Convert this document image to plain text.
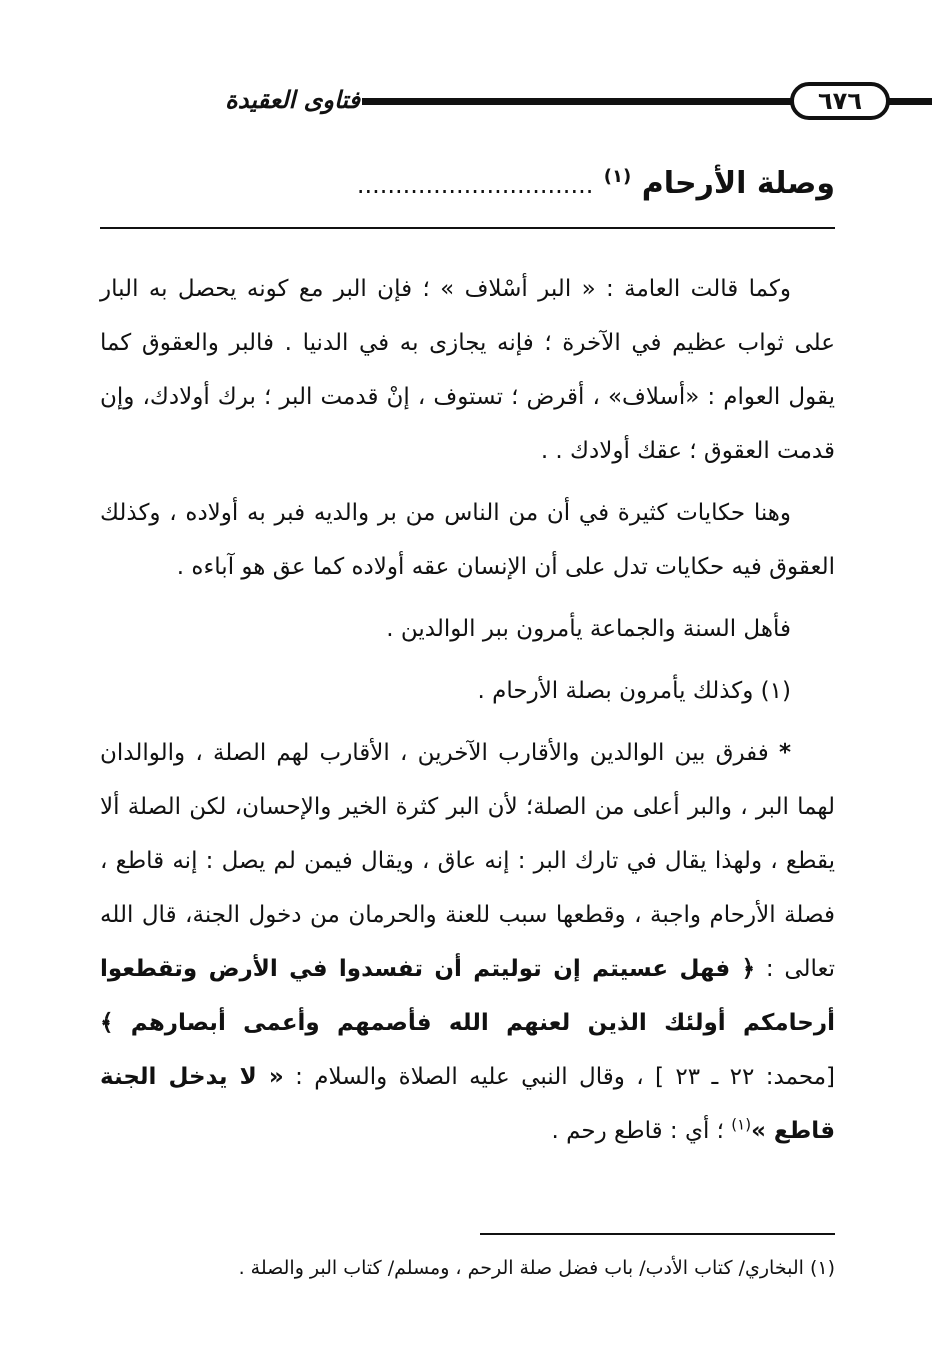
فتاوى العقيدة	٦٧٦
وصلة الأرحام $^{(١)}$ ...............................

وكما قالت العامة : « البر أسْلاف » ؛ فإن البر مع كونه يحصل به البار على ثواب عظيم في الآخرة ؛ فإنه يجازى به في الدنيا . فالبر والعقوق كما يقول العوام : «أسلاف» ، أقرض ؛ تستوف ، إنْ قدمت البر ؛ برك أولادك، وإن قدمت العقوق ؛ عقك أولادك . .

وهنا حكايات كثيرة في أن من الناس من بر والديه فبر به أولاده ، وكذلك العقوق فيه حكايات تدل على أن الإنسان عقه أولاده كما عق هو آباءه .

فأهل السنة والجماعة يأمرون ببر الوالدين .

(١) وكذلك يأمرون بصلة الأرحام .

* ففرق بين الوالدين والأقارب الآخرين ، الأقارب لهم الصلة ، والوالدان لهما البر ، والبر أعلى من الصلة؛ لأن البر كثرة الخير والإحسان، لكن الصلة ألا يقطع ، ولهذا يقال في تارك البر : إنه عاق ، ويقال فيمن لم يصل : إنه قاطع ، فصلة الأرحام واجبة ، وقطعها سبب للعنة والحرمان من دخول الجنة، قال الله تعالى : ﴿ فهل عسيتم إن توليتم أن تفسدوا في الأرض وتقطعوا أرحامكم أولئك الذين لعنهم الله فأصمهم وأعمى أبصارهم ﴾ [محمد: ٢٢ ـ ٢٣ ] ، وقال النبي عليه الصلاة والسلام : « لا يدخل الجنة قاطع »$^{(١)}$ ؛ أي : قاطع رحم .

(١) البخاري/ كتاب الأدب/ باب فضل صلة الرحم ، ومسلم/ كتاب البر والصلة .
